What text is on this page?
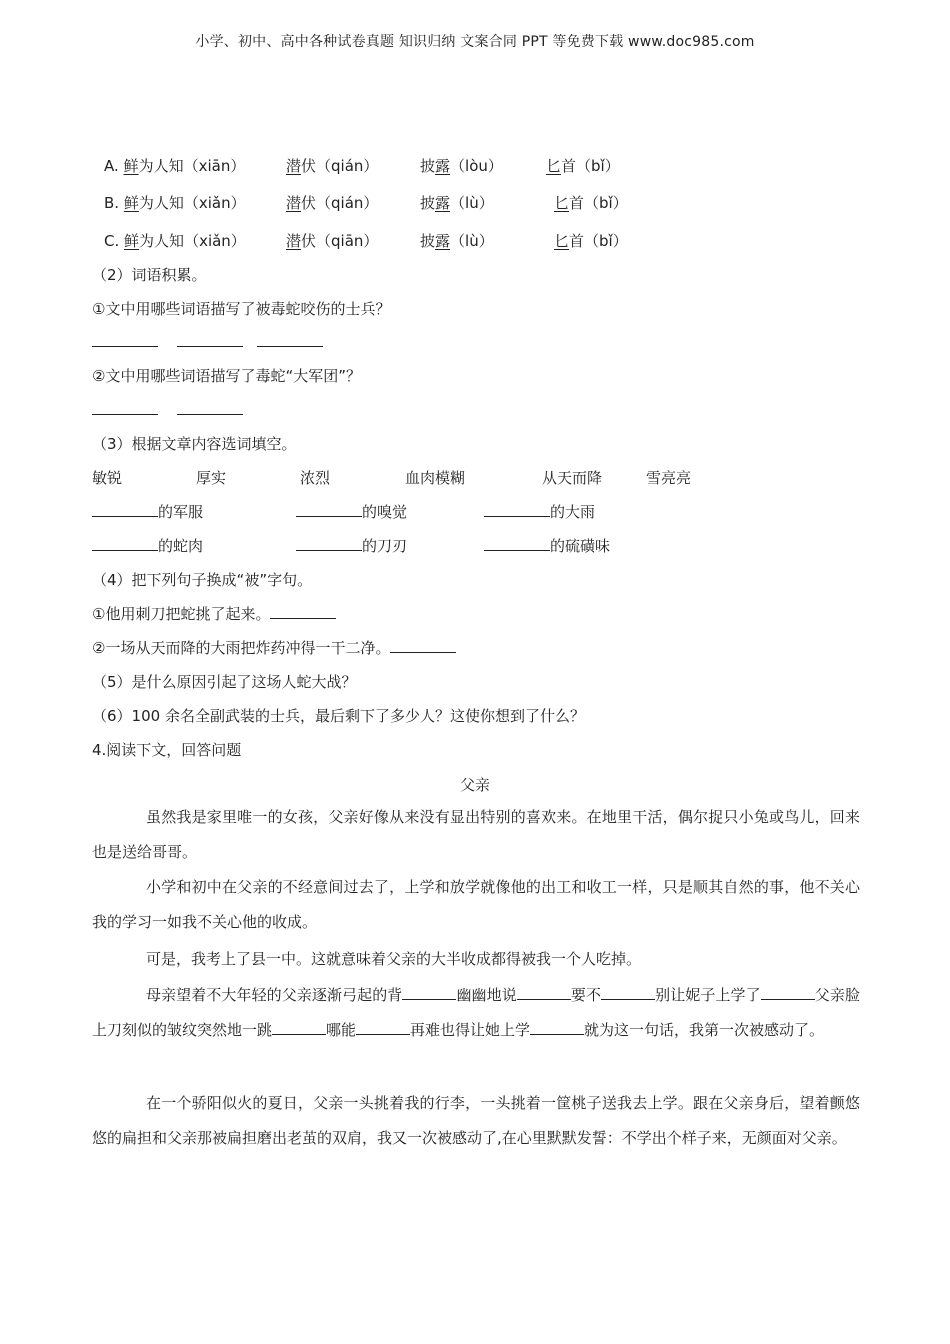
小学、初中、高中各种试卷真题 知识归纳 文案合同 PPT 等免费下载 www.doc985.com
A. 鲜为人知（xiān）	潜伏（qián）	披露（lòu）	匕首（bǐ）
B. 鲜为人知（xiǎn）	潜伏（qián）	披露（lù）	匕首（bǐ）
C. 鲜为人知（xiǎn）	潜伏（qiān）	披露（lù）	匕首（bǐ）
（2）词语积累。
①文中用哪些词语描写了被毒蛇咬伤的士兵？

②文中用哪些词语描写了毒蛇“大军团”？

（3）根据文章内容选词填空。
敏锐	厚实	浓烈	血肉模糊	从天而降	雪亮亮
的军服	的嗅觉	的大雨
的蛇肉	的刀刃	的硫磺味
（4）把下列句子换成“被”字句。
①他用刺刀把蛇挑了起来。
②一场从天而降的大雨把炸药冲得一干二净。
（5）是什么原因引起了这场人蛇大战？
（6）100 余名全副武装的士兵，最后剩下了多少人？这使你想到了什么？
4.阅读下文，回答问题
父亲
虽然我是家里唯一的女孩，父亲好像从来没有显出特别的喜欢来。在地里干活，偶尔捉只小兔或鸟儿，回来也是送给哥哥。
小学和初中在父亲的不经意间过去了，上学和放学就像他的出工和收工一样，只是顺其自然的事，他不关心我的学习一如我不关心他的收成。
可是，我考上了县一中。这就意味着父亲的大半收成都得被我一个人吃掉。
母亲望着不大年轻的父亲逐渐弓起的背	幽幽地说	要不	别让妮子上学了	父亲脸上刀刻似的皱纹突然地一跳	哪能	再难也得让她上学	就为这一句话，我第一次被感动了。
在一个骄阳似火的夏日，父亲一头挑着我的行李，一头挑着一筐桃子送我去上学。跟在父亲身后，望着颤悠悠的扁担和父亲那被扁担磨出老茧的双肩，我又一次被感动了,在心里默默发誓：不学出个样子来，无颜面对父亲。
